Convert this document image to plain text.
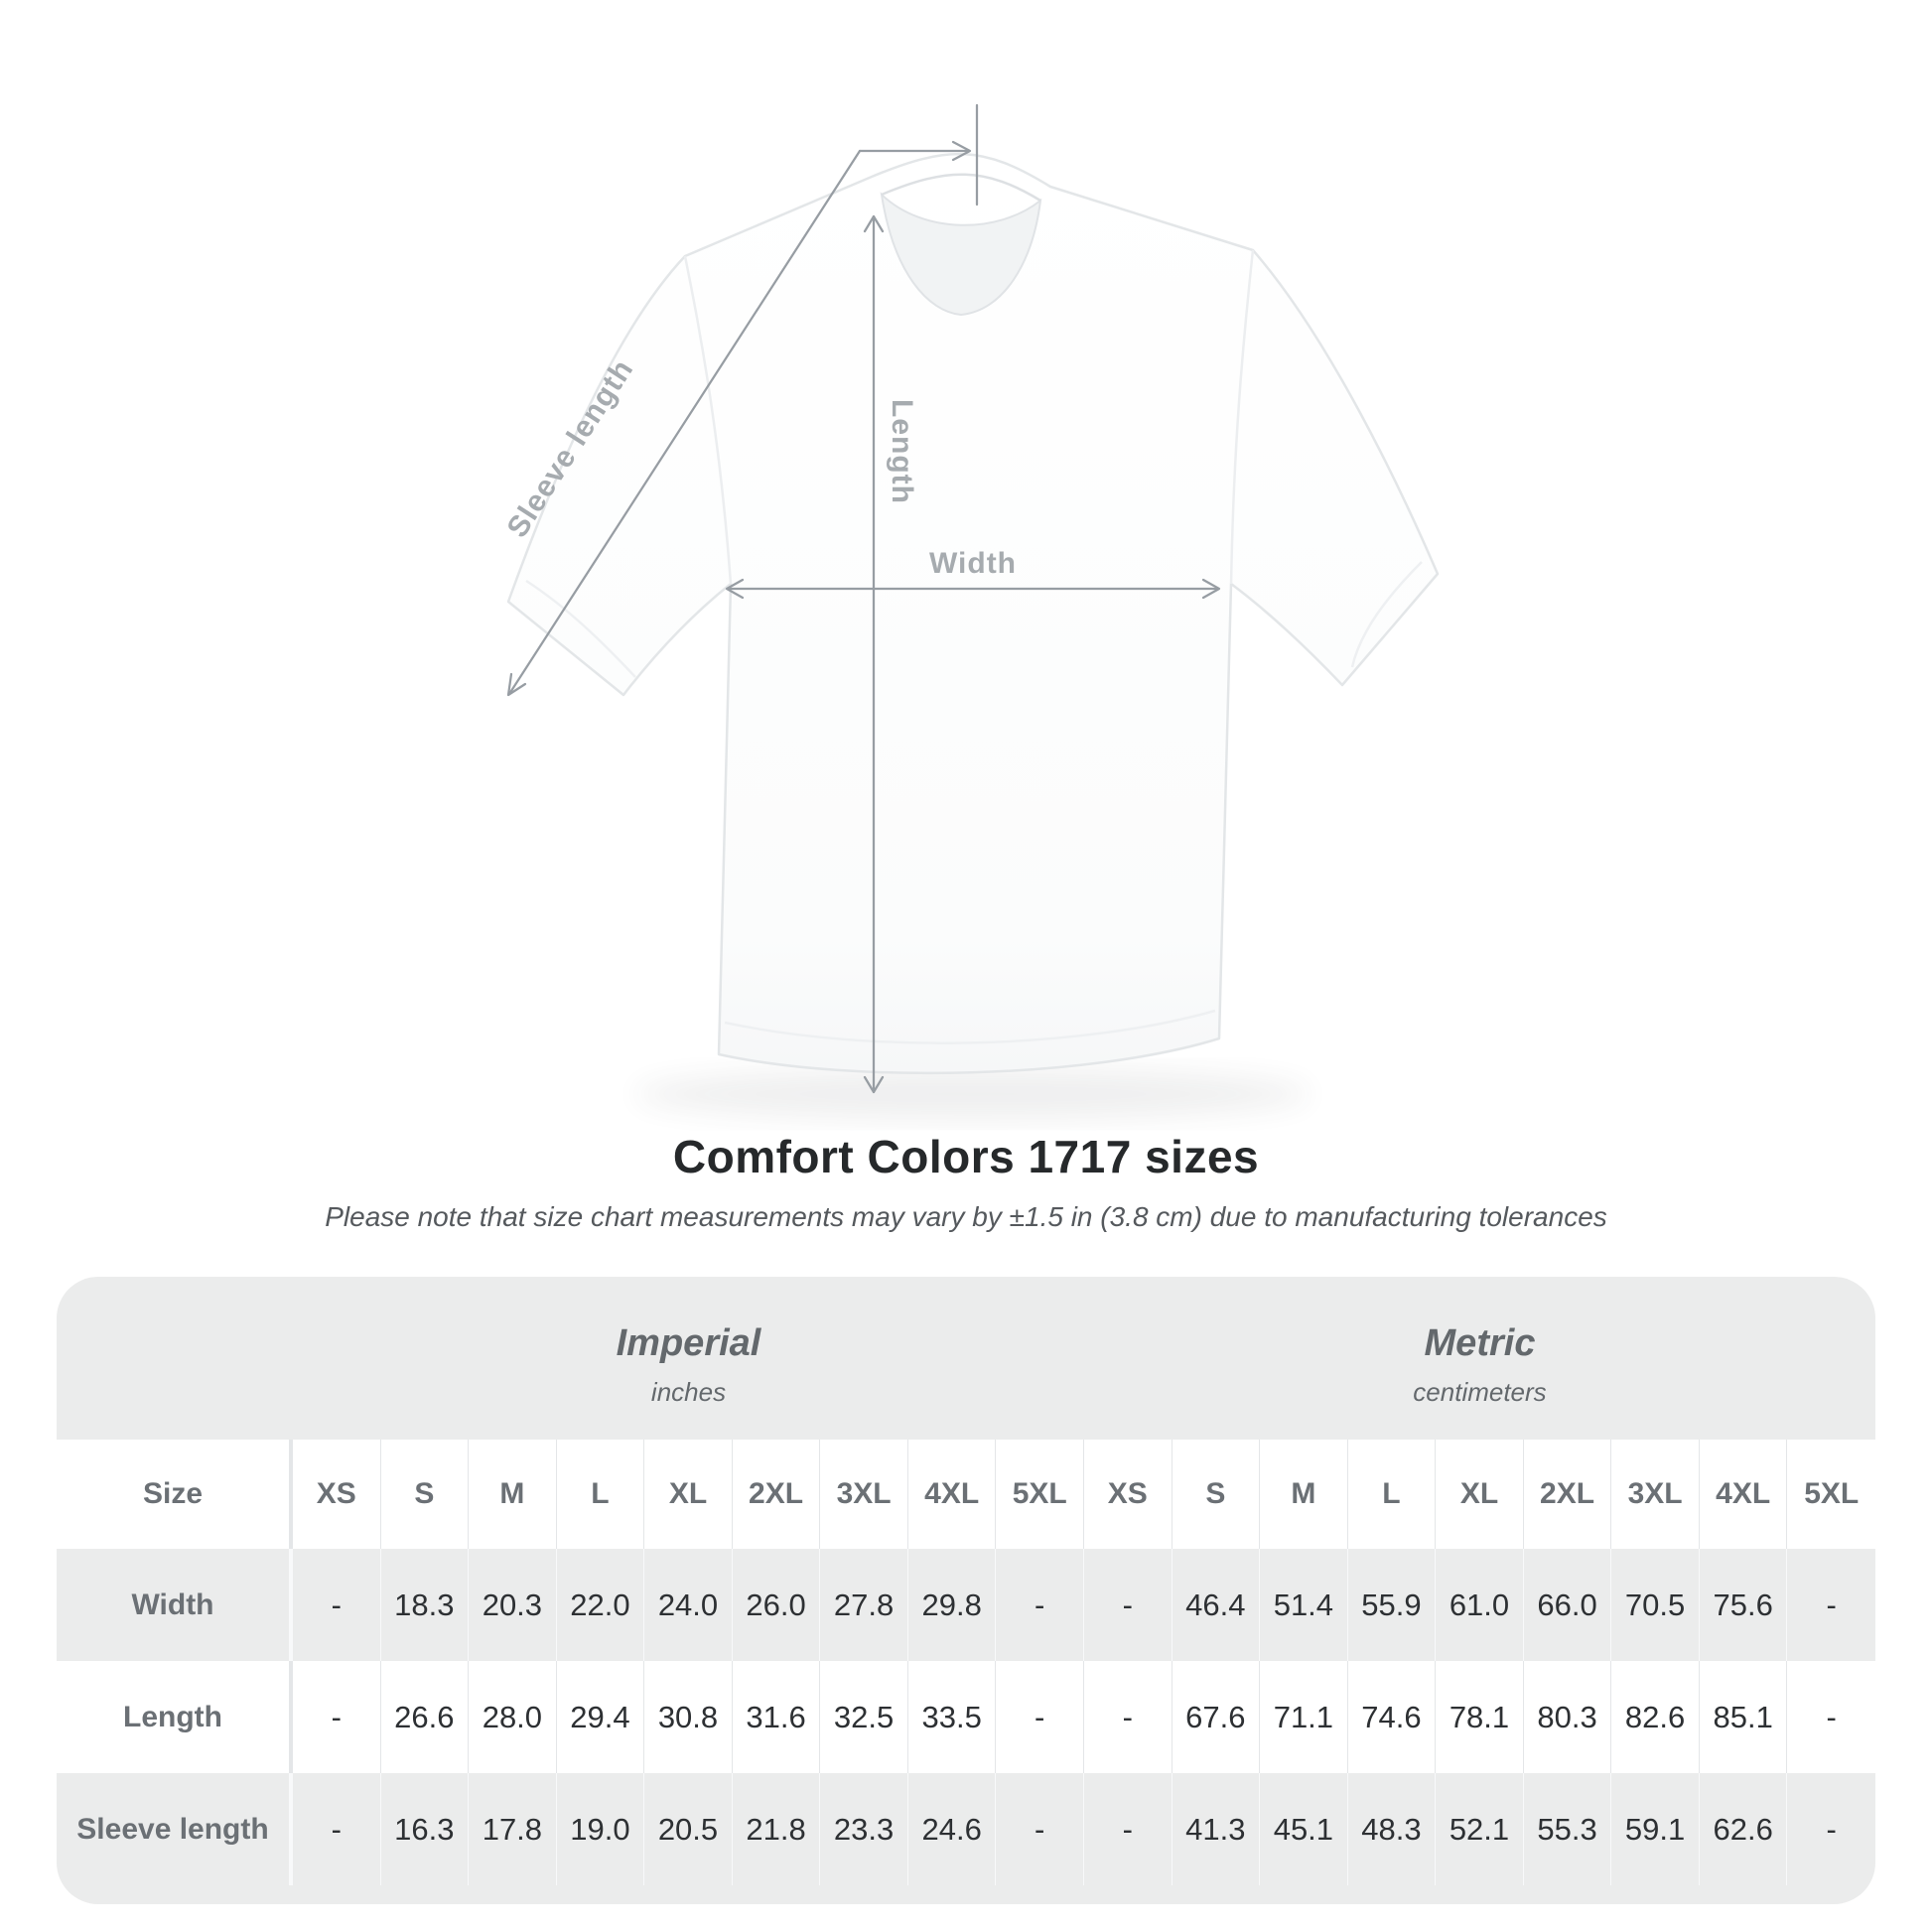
Sleeve length	Length
Width
Comfort Colors 1717 sizes
Please note that size chart measurements may vary by ±1.5 in (3.8 cm) due to manufacturing tolerances
Imperial
inches
Metric
centimeters
Size
Width
Length
Sleeve length
XS	S	M	L	XL	2XL	3XL	4XL	5XL	XS	S	M	L	XL	2XL	3XL	4XL	5XL
-	18.3 20.3 22.0 24.0 26.0 27.8 29.8	-	-	46.4 51.4 55.9 61.0 66.0 70.5 75.6	-
-	26.6 28.0 29.4 30.8 31.6 32.5 33.5	-	-	67.6 71.1 74.6 78.1 80.3 82.6 85.1	-
-	16.3 17.8 19.0 20.5 21.8 23.3 24.6	-	-	41.3 45.1 48.3 52.1 55.3 59.1 62.6	-
